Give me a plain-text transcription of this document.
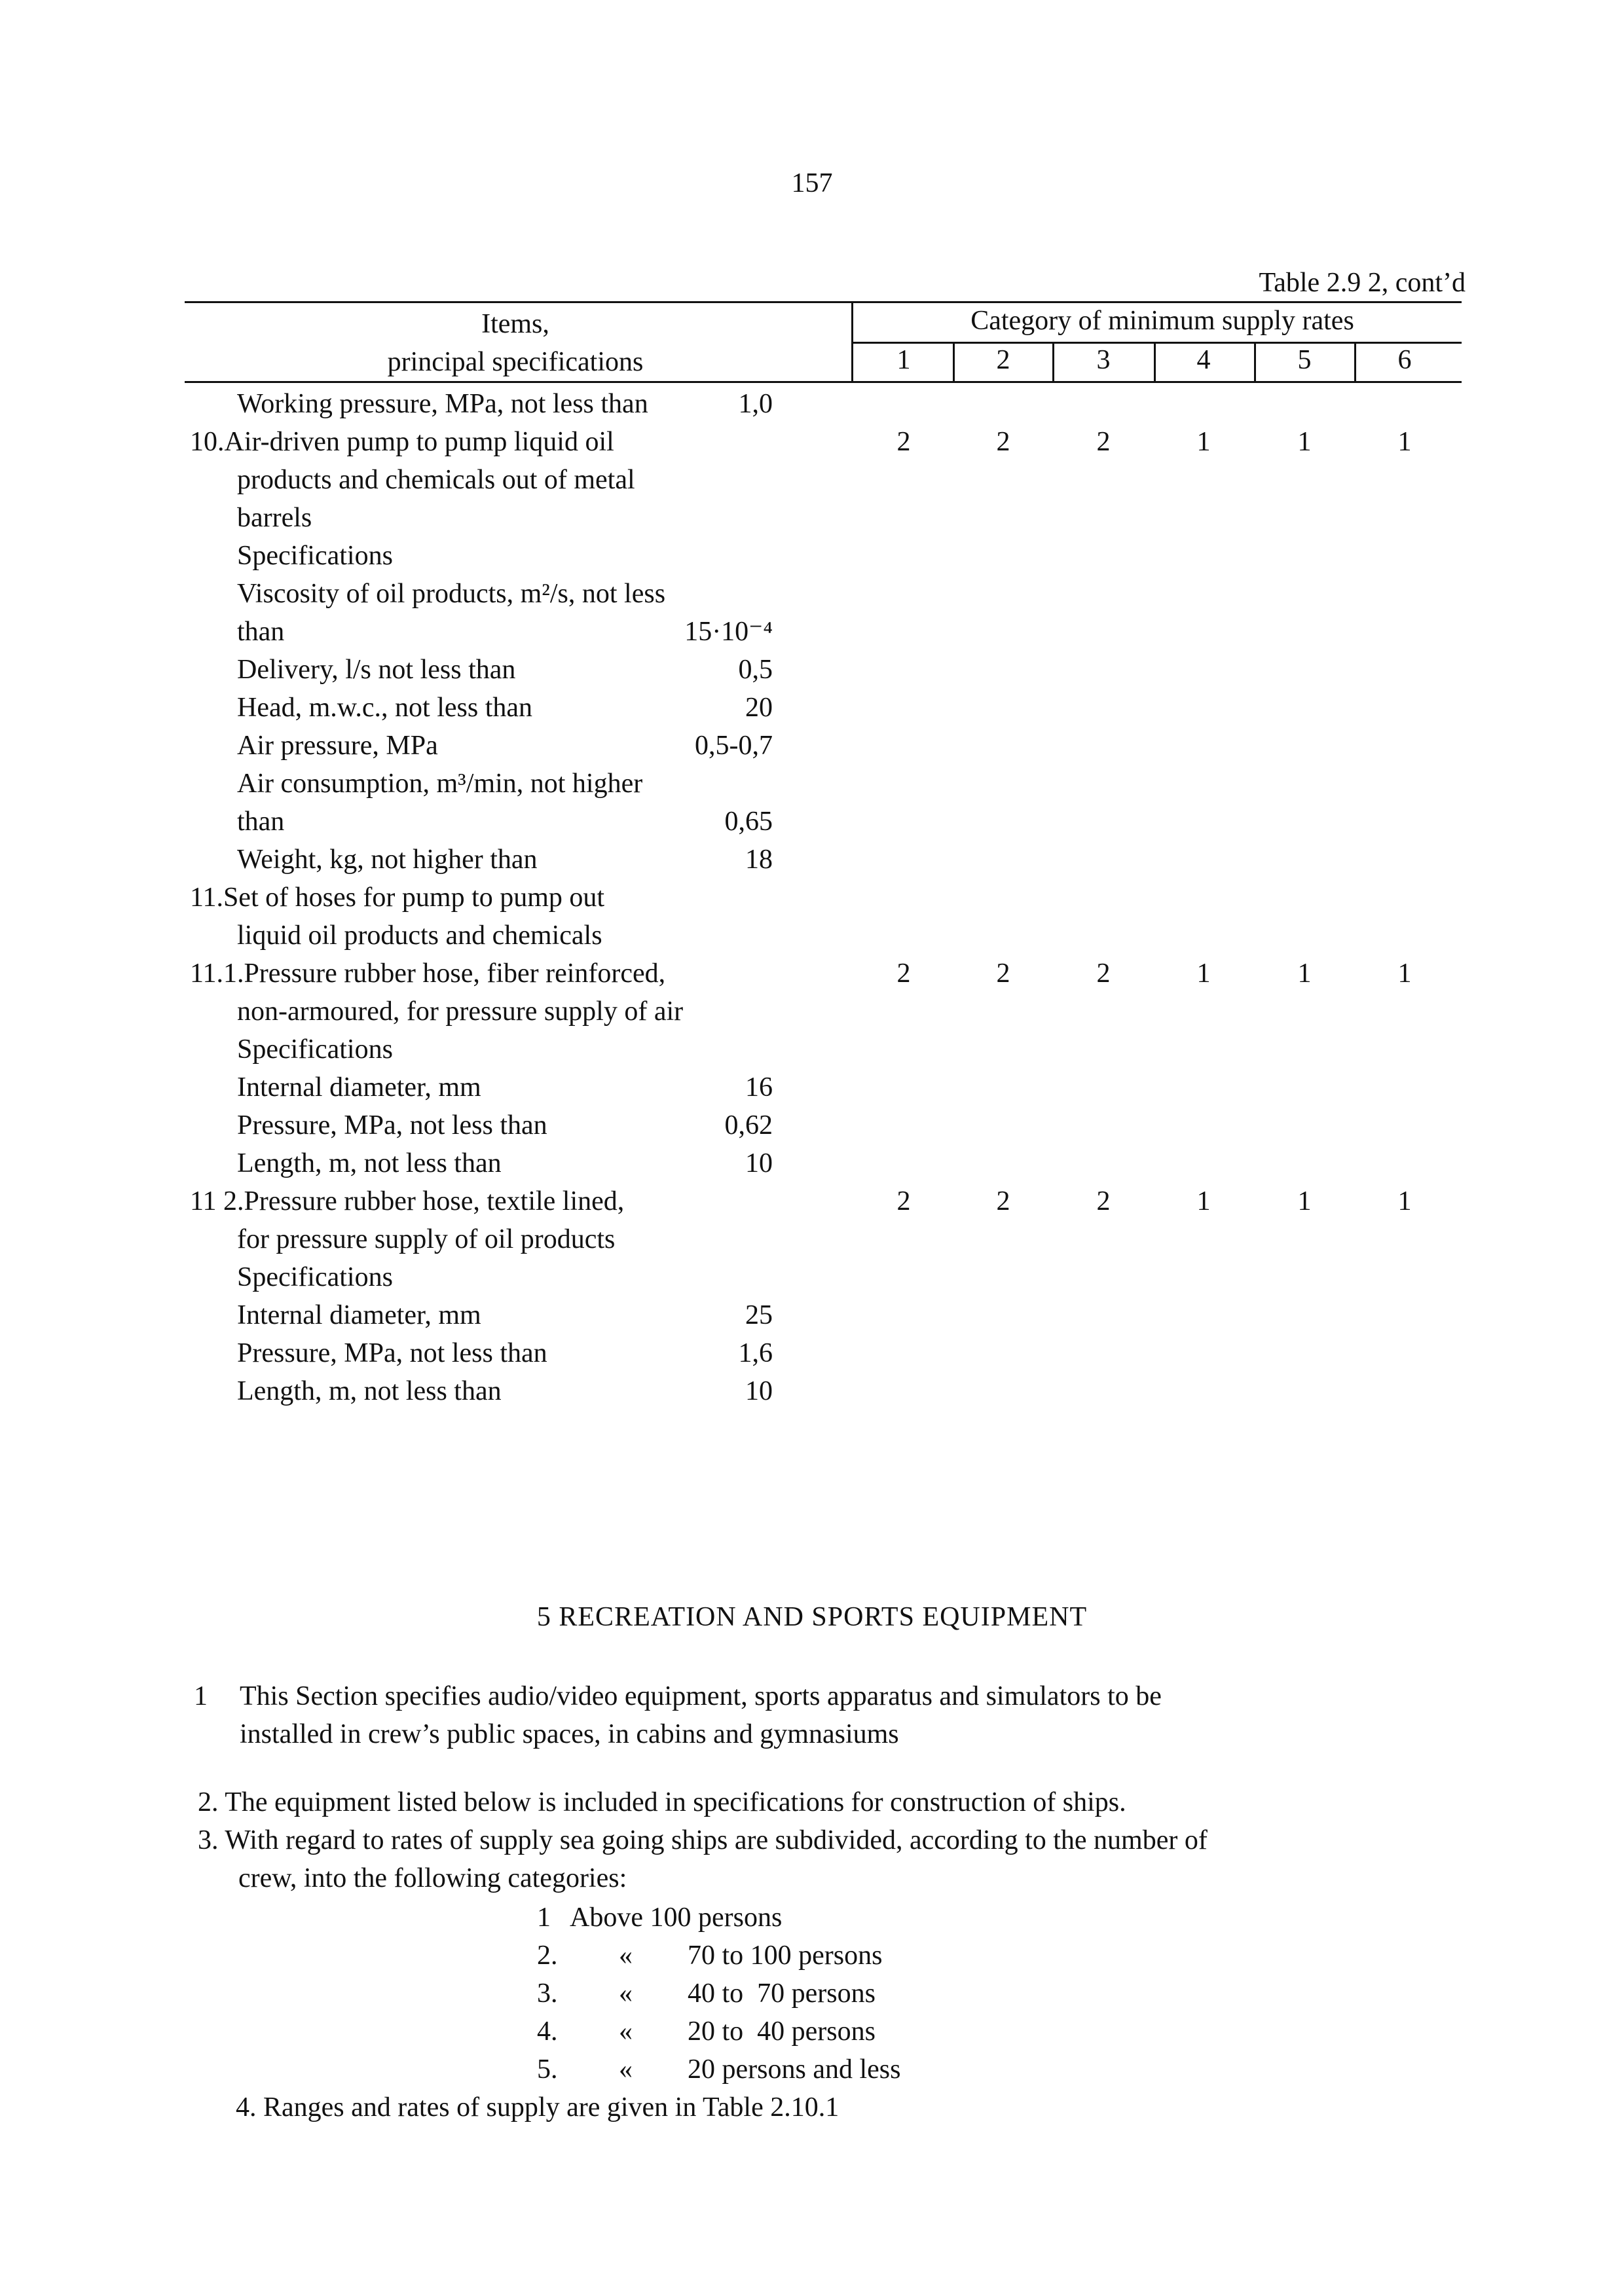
157
Table 2.9 2, cont’d
Items,
principal specifications
Category of minimum supply rates
1	2	3	4	5	6
Working pressure, MPa, not less than	1,0
10.Air-driven pump to pump liquid oil	2	2	2	1	1	1
products and chemicals out of metal
barrels
Specifications
Viscosity of oil products, m²/s, not less
than	15·10⁻⁴
Delivery, l/s not less than	0,5
Head, m.w.c., not less than	20
Air pressure, MPa	0,5-0,7
Air consumption, m³/min, not higher
than	0,65
Weight, kg, not higher than	18
11.Set of hoses for pump to pump out
liquid oil products and chemicals
11.1.Pressure rubber hose, fiber reinforced,	2	2	2	1	1	1
non-armoured, for pressure supply of air
Specifications
Internal diameter, mm	16
Pressure, MPa, not less than	0,62
Length, m, not less than	10
11 2.Pressure rubber hose, textile lined,	2	2	2	1	1	1
for pressure supply of oil products
Specifications
Internal diameter, mm	25
Pressure, MPa, not less than	1,6
Length, m, not less than	10
5 RECREATION AND SPORTS EQUIPMENT
1 This Section specifies audio/video equipment, sports apparatus and simulators to be
installed in crew’s public spaces, in cabins and gymnasiums
2. The equipment listed below is included in specifications for construction of ships.
3. With regard to rates of supply sea going ships are subdivided, according to the number of
crew, into the following categories:
1 Above 100 persons
2. « 70 to 100 persons
3. « 40 to  70 persons
4. « 20 to  40 persons
5. « 20 persons and less
4. Ranges and rates of supply are given in Table 2.10.1
